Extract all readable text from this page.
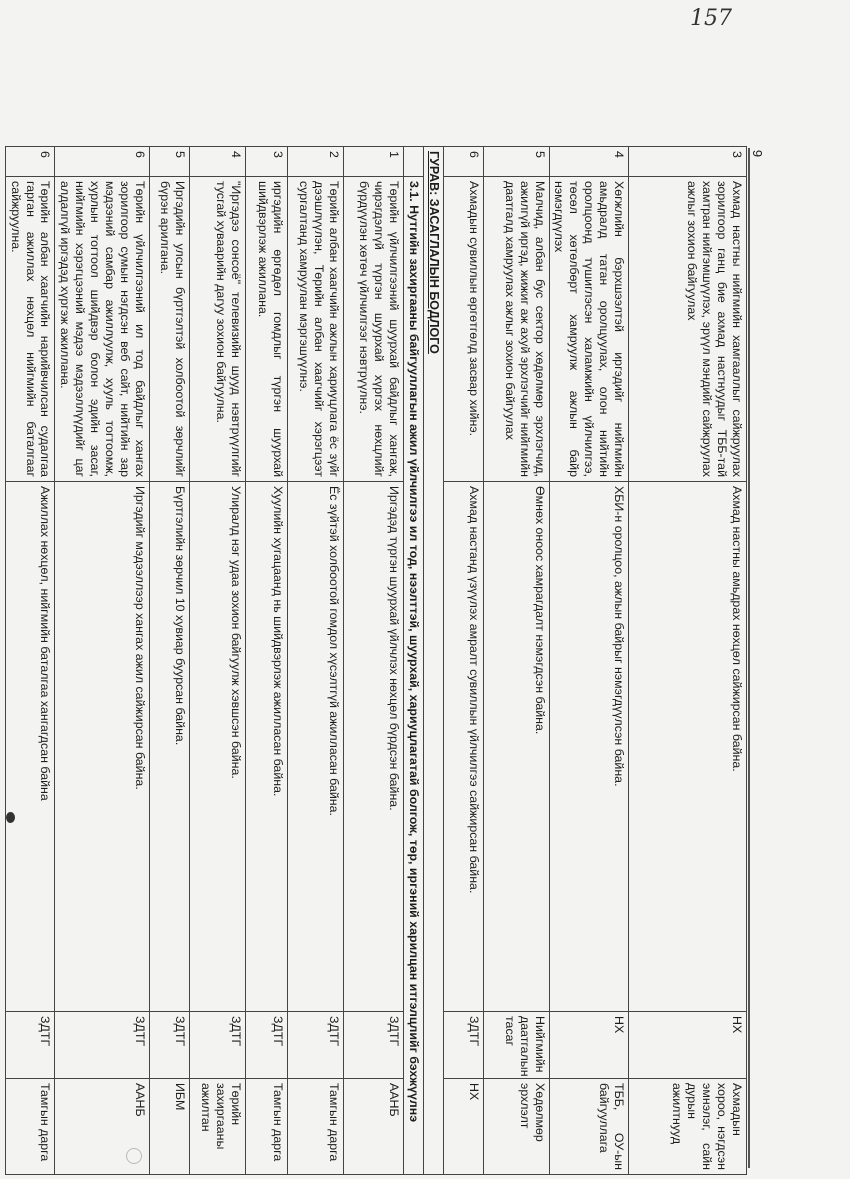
157
9
3	Ахмад настны нийгмийн хамгааллыг сайжруулах зорилгоор ганц бие ахмад настнуудыг ТББ-тай хамтран нийгэмшүүлэх, эрүүл мэндийг сайжруулах ажлыг зохион байгуулах	Ахмад настны амьдрах нөхцөл сайжирсан байна.	НХ	Ахмадын хороо, нэгдсэн эмнэлэг, сайн дурын ажилтнууд
4	Хөгжлийн бэрхшээлтэй иргэдийг нийгмийн амьдралд татан оролцуулах, олон нийтийн оролцоонд түшиглэсэн халамжийн үйлчилгээ, төсөл хөтөлбөрт хамруулж ажлын байр нэмэгдүүлэх	ХБИ-н оролцоо, ажлын байрыг нэмэгдүүлсэн байна.	НХ	ТББ, ОУ-ын байгууллага
5	Малчид, албан бус сектор хөдөлмөр эрхлэгчид, ажилгүй иргэд, жижиг аж ахуй эрхлэгчийг нийгмийн даатгалд хамруулах ажлыг зохион байгуулах	Өмнөх оноос хамрагдалт нэмэгдсэн байна.	Нийгмийн даатгалын тасаг	Хөдөлмөр эрхлэлт
6	Ахмадын сувиллын өргөтгөлд засвар хийнэ.	Ахмад настанд үзүүлэх амралт сувиллын үйлчилгээ сайжирсан байна.	ЗДТГ	НХ
ГУРАВ: ЗАСАГЛАЛЫН БОДЛОГО				
	3.1. Нутгийн захиргааны байгууллагын ажил үйлчилгээ ил тод, нээлттэй, шуурхай, хариуцлагатай болгож, төр, иргэний харилцан итгэлцлийг бэхжүүлнэ			
1	Төрийн үйлчилгээний шуурхай байдлыг хангаж, чирэгдэлгүй түргэн шуурхай хүргэх нөхцлийг бүрдүүлэн хөтөч үйлчилгээг нэвтрүүлнэ.	Иргэдэд түргэн шуурхай үйлчлэх нөхцөл бүрдсэн байна.	ЗДТГ	ААНБ
2	Төрийн албан хаагчийн ажлын хариуцлага ёс зүйг дээшлүүлэн, Төрийн албан хаагчийг хэрэгцээт сургалтанд хамруулан мэргэшүүлнэ.	Ёс зүйтэй холбоотой гомдол хүсэлтгүй ажилласан байна.	ЗДТГ	Тамгын дарга
3	иргэдийн өргөдөл гомдлыг түргэн шуурхай шийдвэрлэж ажиллана.	Хуулийн хугацаанд нь шийдвэрлэж ажилласан байна.	ЗДТГ	Тамгын дарга
4	"Иргэдээ сонсоё" телевизийн шууд нэвтрүүлгийг тусгай хуваарийн дагуу зохион байгуулна.	Улиралд нэг удаа зохион байгуулж хэвшсэн байна.	ЗДТГ	Төрийн захиргааны ажилтан
5	Иргэдийн улсын бүртгэлтэй холбоотой зөрчлийг бүрэн арилгана.	Бүртгэлийн зөрчил 10 хувиар буурсан байна.	ЗДТГ	ИБМ
6	Төрийн үйлчилгээний ил тод байдлыг хангах зорилгоор сумын нэгдсэн веб сайт, нийтийн зар мэдээний самбар ажиллуулж, хууль тогтоомж, хурлын тогтоол шийдвэр болон эдийн засаг, нийгмийн хэрэгцээний мэдээ мэдээллүүдийг цаг алдалгүй иргэдэд хүргэж ажиллана.	Иргэдийг мэдээллээр хангах ажил сайжирсан байна.	ЗДТГ	ААНБ
6	Төрийн албан хаагчийн нарийвчилсан судалгаа гарган ажиллах нөхцөл нийгмийн баталгааг сайжруулна.	Ажиллах нөхцөл, нийгмийн баталгаа хангагдсан байна	ЗДТГ	Тамгын дарга
